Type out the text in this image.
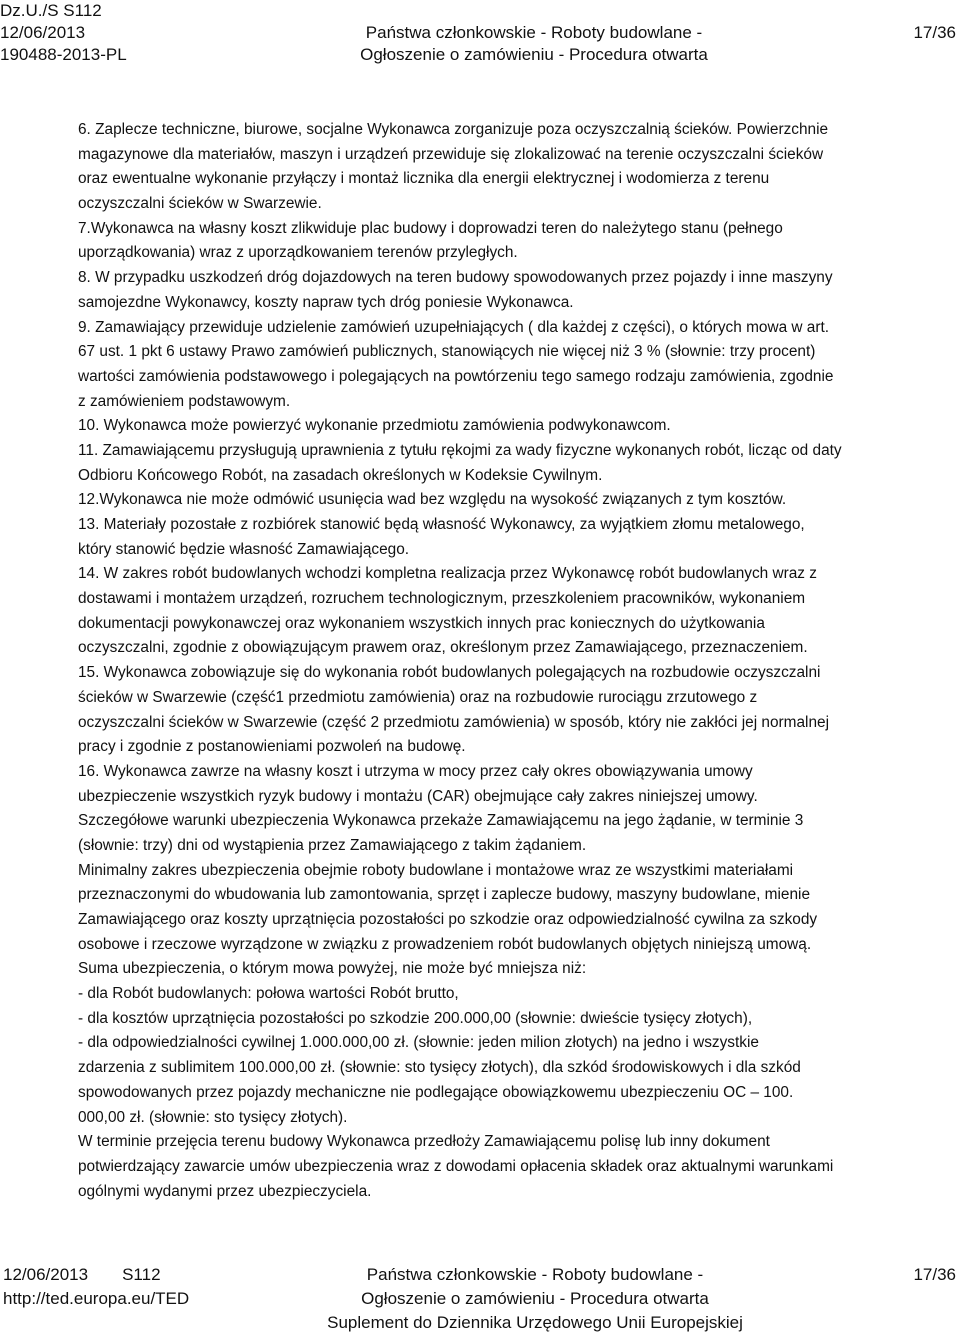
Dz.U./S S112
12/06/2013
190488-2013-PL
Państwa członkowskie - Roboty budowlane -
Ogłoszenie o zamówieniu - Procedura otwarta
17/36
6. Zaplecze techniczne, biurowe, socjalne Wykonawca zorganizuje poza oczyszczalnią ścieków. Powierzchnie
magazynowe dla materiałów, maszyn i urządzeń przewiduje się zlokalizować na terenie oczyszczalni ścieków
oraz ewentualne wykonanie przyłączy i montaż licznika dla energii elektrycznej i wodomierza z terenu
oczyszczalni ścieków w Swarzewie.
7.Wykonawca na własny koszt zlikwiduje plac budowy i doprowadzi teren do należytego stanu (pełnego
uporządkowania) wraz z uporządkowaniem terenów przyległych.
8. W przypadku uszkodzeń dróg dojazdowych na teren budowy spowodowanych przez pojazdy i inne maszyny
samojezdne Wykonawcy, koszty napraw tych dróg poniesie Wykonawca.
9. Zamawiający przewiduje udzielenie zamówień uzupełniających ( dla każdej z części), o których mowa w art.
67 ust. 1 pkt 6 ustawy Prawo zamówień publicznych, stanowiących nie więcej niż 3 % (słownie: trzy procent)
wartości zamówienia podstawowego i polegających na powtórzeniu tego samego rodzaju zamówienia, zgodnie
z zamówieniem podstawowym.
10. Wykonawca może powierzyć wykonanie przedmiotu zamówienia podwykonawcom.
11. Zamawiającemu przysługują uprawnienia z tytułu rękojmi za wady fizyczne wykonanych robót, licząc od daty
Odbioru Końcowego Robót, na zasadach określonych w Kodeksie Cywilnym.
12.Wykonawca nie może odmówić usunięcia wad bez względu na wysokość związanych z tym kosztów.
13. Materiały pozostałe z rozbiórek stanowić będą własność Wykonawcy, za wyjątkiem złomu metalowego,
który stanowić będzie własność Zamawiającego.
14. W zakres robót budowlanych wchodzi kompletna realizacja przez Wykonawcę robót budowlanych wraz z
dostawami i montażem urządzeń, rozruchem technologicznym, przeszkoleniem pracowników, wykonaniem
dokumentacji powykonawczej oraz wykonaniem wszystkich innych prac koniecznych do użytkowania
oczyszczalni, zgodnie z obowiązującym prawem oraz, określonym przez Zamawiającego, przeznaczeniem.
15. Wykonawca zobowiązuje się do wykonania robót budowlanych polegających na rozbudowie oczyszczalni
ścieków w Swarzewie (część1 przedmiotu zamówienia) oraz na rozbudowie rurociągu zrzutowego z
oczyszczalni ścieków w Swarzewie (część 2 przedmiotu zamówienia) w sposób, który nie zakłóci jej normalnej
pracy i zgodnie z postanowieniami pozwoleń na budowę.
16. Wykonawca zawrze na własny koszt i utrzyma w mocy przez cały okres obowiązywania umowy
ubezpieczenie wszystkich ryzyk budowy i montażu (CAR) obejmujące cały zakres niniejszej umowy.
Szczegółowe warunki ubezpieczenia Wykonawca przekaże Zamawiającemu na jego żądanie, w terminie 3
(słownie: trzy) dni od wystąpienia przez Zamawiającego z takim żądaniem.
Minimalny zakres ubezpieczenia obejmie roboty budowlane i montażowe wraz ze wszystkimi materiałami
przeznaczonymi do wbudowania lub zamontowania, sprzęt i zaplecze budowy, maszyny budowlane, mienie
Zamawiającego oraz koszty uprzątnięcia pozostałości po szkodzie oraz odpowiedzialność cywilna za szkody
osobowe i rzeczowe wyrządzone w związku z prowadzeniem robót budowlanych objętych niniejszą umową.
Suma ubezpieczenia, o którym mowa powyżej, nie może być mniejsza niż:
- dla Robót budowlanych: połowa wartości Robót brutto,
- dla kosztów uprzątnięcia pozostałości po szkodzie 200.000,00 (słownie: dwieście tysięcy złotych),
- dla odpowiedzialności cywilnej 1.000.000,00 zł. (słownie: jeden milion złotych) na jedno i wszystkie
zdarzenia z sublimitem 100.000,00 zł. (słownie: sto tysięcy złotych), dla szkód środowiskowych i dla szkód
spowodowanych przez pojazdy mechaniczne nie podlegające obowiązkowemu ubezpieczeniu OC – 100.
000,00 zł. (słownie: sto tysięcy złotych).
W terminie przejęcia terenu budowy Wykonawca przedłoży Zamawiającemu polisę lub inny dokument
potwierdzający zawarcie umów ubezpieczenia wraz z dowodami opłacenia składek oraz aktualnymi warunkami
ogólnymi wydanymi przez ubezpieczyciela.
12/06/2013 S112
http://ted.europa.eu/TED
Państwa członkowskie - Roboty budowlane -
Ogłoszenie o zamówieniu - Procedura otwarta
Suplement do Dziennika Urzędowego Unii Europejskiej
17/36
